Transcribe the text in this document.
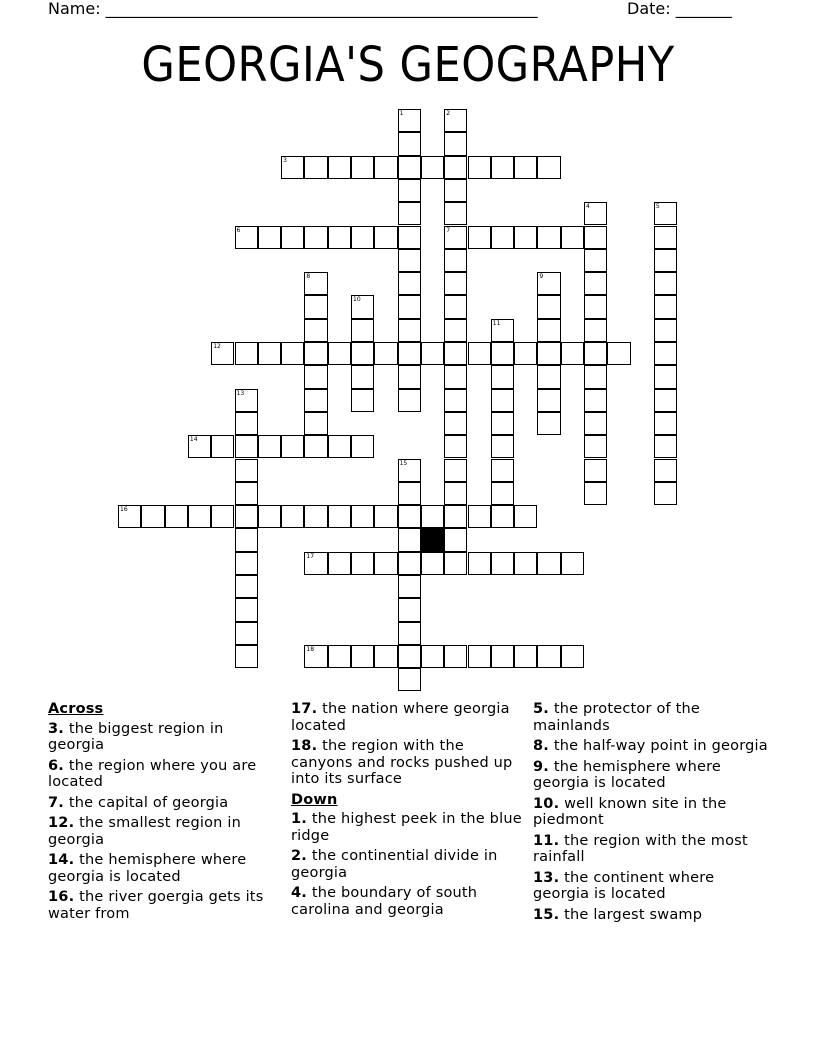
Name: ______________________________________________________	Date: _______
GEORGIA'S GEOGRAPHY
1	2
7
3
4	5
6
8	9
10
11
12
13
14
15
16
17
18
Across
3. the biggest region in georgia
6. the region where you are located
7. the capital of georgia
12. the smallest region in georgia
14. the hemisphere where georgia is located
16. the river goergia gets its water from
17. the nation where georgia located
18. the region with the canyons and rocks pushed up into its surface
Down
1. the highest peek in the blue ridge
2. the continential divide in georgia
4. the boundary of south carolina and georgia
5. the protector of the mainlands
8. the half-way point in georgia
9. the hemisphere where georgia is located
10. well known site in the piedmont
11. the region with the most rainfall
13. the continent where georgia is located
15. the largest swamp
